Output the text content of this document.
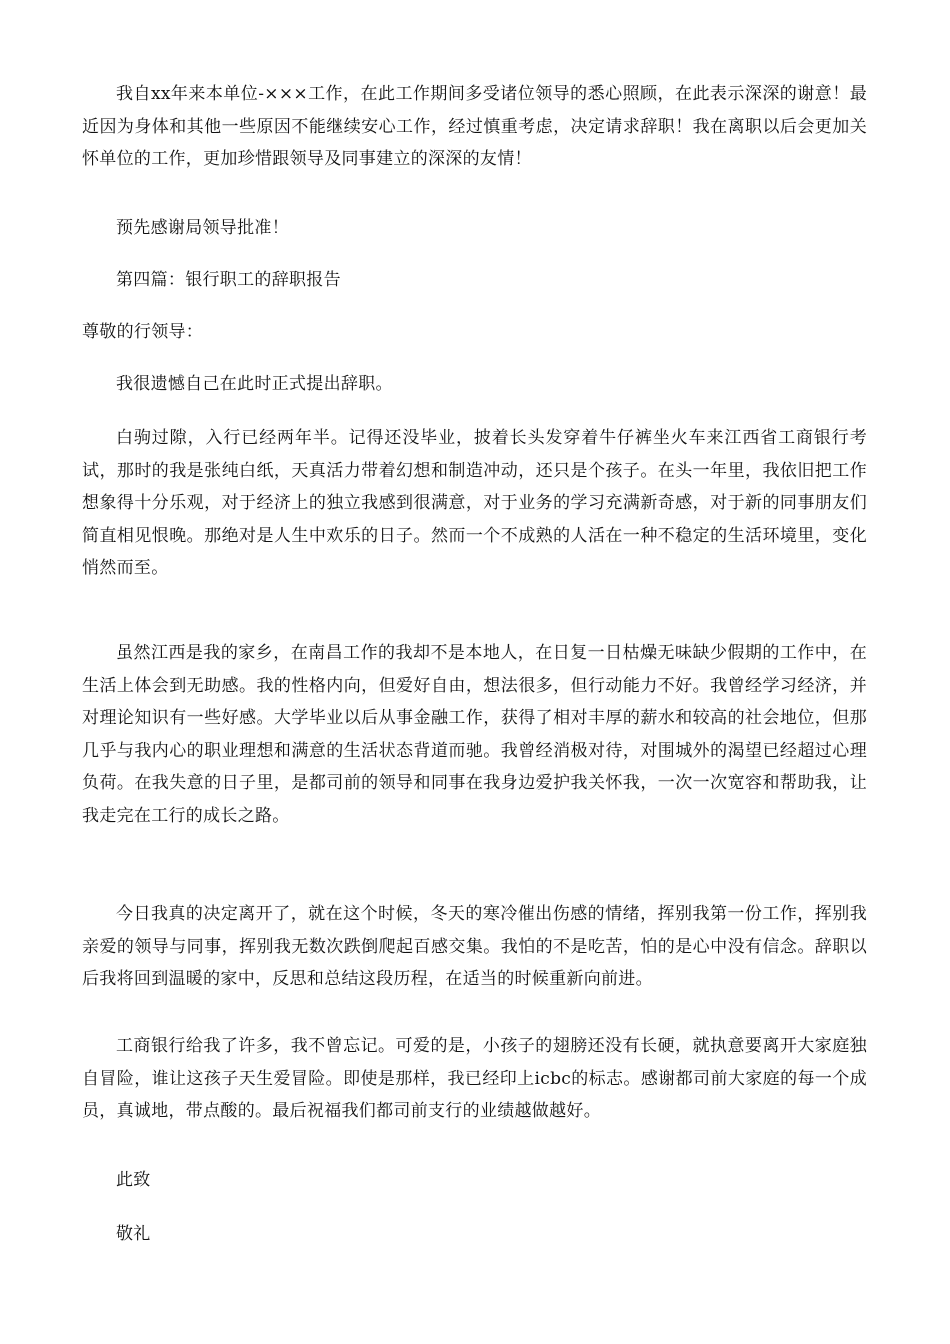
我自xx年来本单位-×××工作，在此工作期间多受诸位领导的悉心照顾，在此表示深深的谢意！最近因为身体和其他一些原因不能继续安心工作，经过慎重考虑，决定请求辞职！我在离职以后会更加关怀单位的工作，更加珍惜跟领导及同事建立的深深的友情！

预先感谢局领导批准！

第四篇：银行职工的辞职报告

尊敬的行领导：

我很遗憾自己在此时正式提出辞职。

白驹过隙，入行已经两年半。记得还没毕业，披着长头发穿着牛仔裤坐火车来江西省工商银行考试，那时的我是张纯白纸，天真活力带着幻想和制造冲动，还只是个孩子。在头一年里，我依旧把工作想象得十分乐观，对于经济上的独立我感到很满意，对于业务的学习充满新奇感，对于新的同事朋友们简直相见恨晚。那绝对是人生中欢乐的日子。然而一个不成熟的人活在一种不稳定的生活环境里，变化悄然而至。

虽然江西是我的家乡，在南昌工作的我却不是本地人，在日复一日枯燥无味缺少假期的工作中，在生活上体会到无助感。我的性格内向，但爱好自由，想法很多，但行动能力不好。我曾经学习经济，并对理论知识有一些好感。大学毕业以后从事金融工作，获得了相对丰厚的薪水和较高的社会地位，但那几乎与我内心的职业理想和满意的生活状态背道而驰。我曾经消极对待，对围城外的渴望已经超过心理负荷。在我失意的日子里，是都司前的领导和同事在我身边爱护我关怀我，一次一次宽容和帮助我，让我走完在工行的成长之路。

今日我真的决定离开了，就在这个时候，冬天的寒冷催出伤感的情绪，挥别我第一份工作，挥别我亲爱的领导与同事，挥别我无数次跌倒爬起百感交集。我怕的不是吃苦，怕的是心中没有信念。辞职以后我将回到温暖的家中，反思和总结这段历程，在适当的时候重新向前进。

工商银行给我了许多，我不曾忘记。可爱的是，小孩子的翅膀还没有长硬，就执意要离开大家庭独自冒险，谁让这孩子天生爱冒险。即使是那样，我已经印上icbc的标志。感谢都司前大家庭的每一个成员，真诚地，带点酸的。最后祝福我们都司前支行的业绩越做越好。

此致

敬礼
